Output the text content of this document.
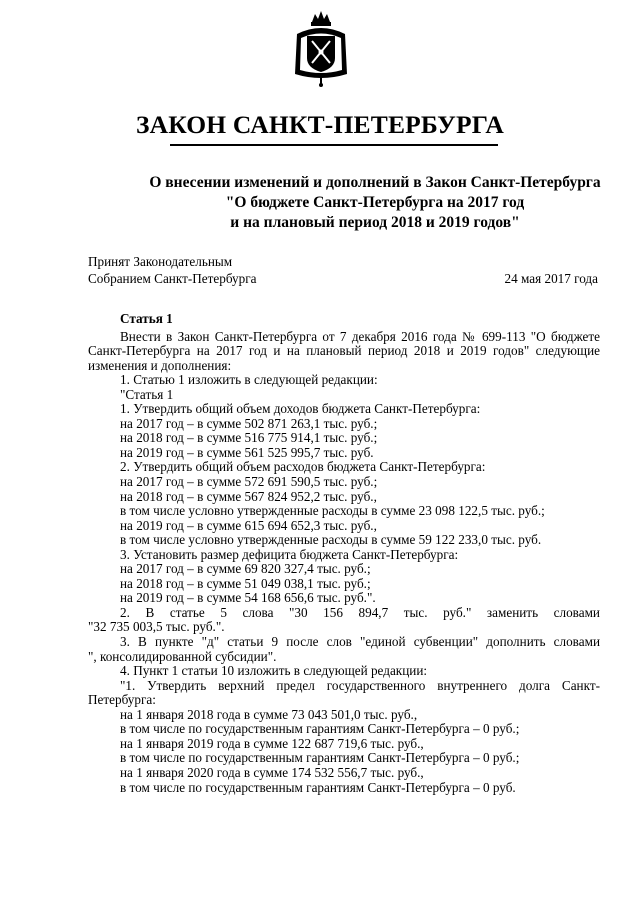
ЗАКОН САНКТ-ПЕТЕРБУРГА
О внесении изменений и дополнений в Закон Санкт-Петербурга
"О бюджете Санкт-Петербурга на 2017 год
и на плановый период 2018 и 2019 годов"
Принят Законодательным
Собранием Санкт-Петербурга	24 мая 2017 года
Статья 1
Внести в Закон Санкт-Петербурга от 7 декабря 2016 года № 699-113 "О бюджете
Санкт-Петербурга на 2017 год и на плановый период 2018 и 2019 годов" следующие
изменения и дополнения:
1. Статью 1 изложить в следующей редакции:
"Статья 1
1. Утвердить общий объем доходов бюджета Санкт-Петербурга:
на 2017 год – в сумме 502 871 263,1 тыс. руб.;
на 2018 год – в сумме 516 775 914,1 тыс. руб.;
на 2019 год – в сумме 561 525 995,7 тыс. руб.
2. Утвердить общий объем расходов бюджета Санкт-Петербурга:
на 2017 год – в сумме 572 691 590,5 тыс. руб.;
на 2018 год – в сумме 567 824 952,2 тыс. руб.,
в том числе условно утвержденные расходы в сумме 23 098 122,5 тыс. руб.;
на 2019 год – в сумме 615 694 652,3 тыс. руб.,
в том числе условно утвержденные расходы в сумме 59 122 233,0 тыс. руб.
3. Установить размер дефицита бюджета Санкт-Петербурга:
на 2017 год – в сумме 69 820 327,4 тыс. руб.;
на 2018 год – в сумме 51 049 038,1 тыс. руб.;
на 2019 год – в сумме 54 168 656,6 тыс. руб.".
2. В статье 5 слова "30 156 894,7 тыс. руб." заменить словами
"32 735 003,5 тыс. руб.".
3. В пункте "д" статьи 9 после слов "единой субвенции" дополнить словами
", консолидированной субсидии".
4. Пункт 1 статьи 10 изложить в следующей редакции:
"1. Утвердить верхний предел государственного внутреннего долга Санкт-
Петербурга:
на 1 января 2018 года в сумме 73 043 501,0 тыс. руб.,
в том числе по государственным гарантиям Санкт-Петербурга – 0 руб.;
на 1 января 2019 года в сумме 122 687 719,6 тыс. руб.,
в том числе по государственным гарантиям Санкт-Петербурга – 0 руб.;
на 1 января 2020 года в сумме 174 532 556,7 тыс. руб.,
в том числе по государственным гарантиям Санкт-Петербурга – 0 руб.
